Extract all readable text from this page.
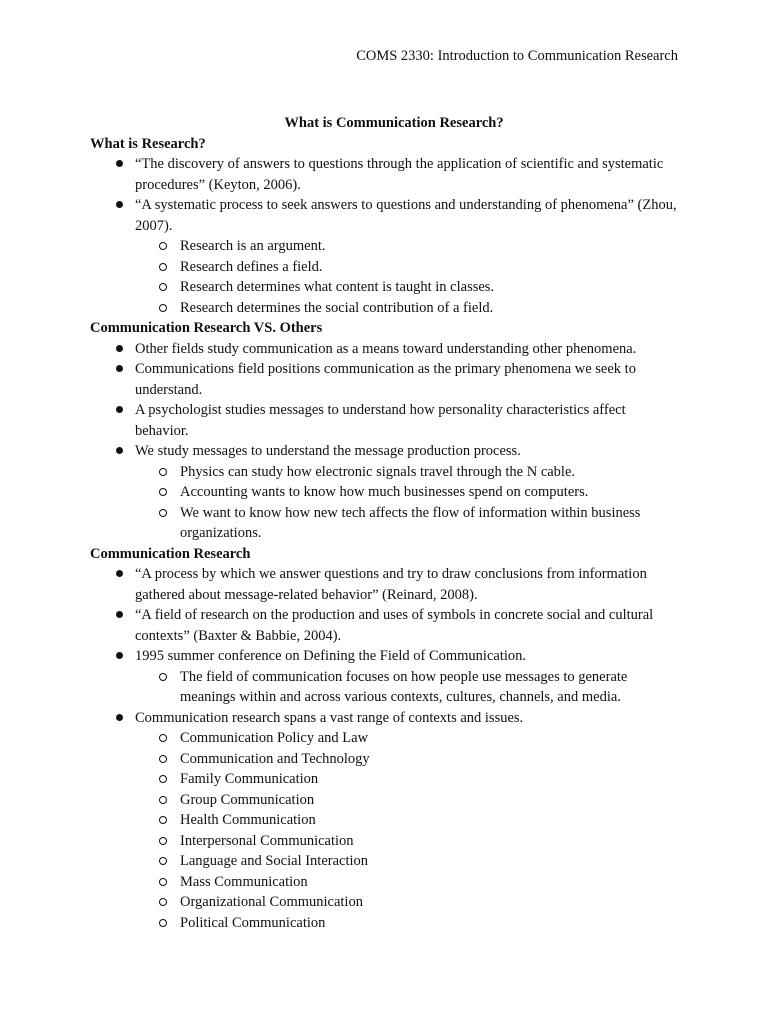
COMS 2330: Introduction to Communication Research

What is Communication Research?

What is Research?

“The discovery of answers to questions through the application of scientific and systematic procedures” (Keyton, 2006).
“A systematic process to seek answers to questions and understanding of phenomena” (Zhou, 2007).
Research is an argument.
Research defines a field.
Research determines what content is taught in classes.
Research determines the social contribution of a field.

Communication Research VS. Others

Other fields study communication as a means toward understanding other phenomena.
Communications field positions communication as the primary phenomena we seek to understand.
A psychologist studies messages to understand how personality characteristics affect behavior.
We study messages to understand the message production process.
Physics can study how electronic signals travel through the N cable.
Accounting wants to know how much businesses spend on computers.
We want to know how new tech affects the flow of information within business organizations.

Communication Research

“A process by which we answer questions and try to draw conclusions from information gathered about message-related behavior” (Reinard, 2008).
“A field of research on the production and uses of symbols in concrete social and cultural contexts” (Baxter & Babbie, 2004).
1995 summer conference on Defining the Field of Communication.
The field of communication focuses on how people use messages to generate meanings within and across various contexts, cultures, channels, and media.
Communication research spans a vast range of contexts and issues.
Communication Policy and Law
Communication and Technology
Family Communication
Group Communication
Health Communication
Interpersonal Communication
Language and Social Interaction
Mass Communication
Organizational Communication
Political Communication
